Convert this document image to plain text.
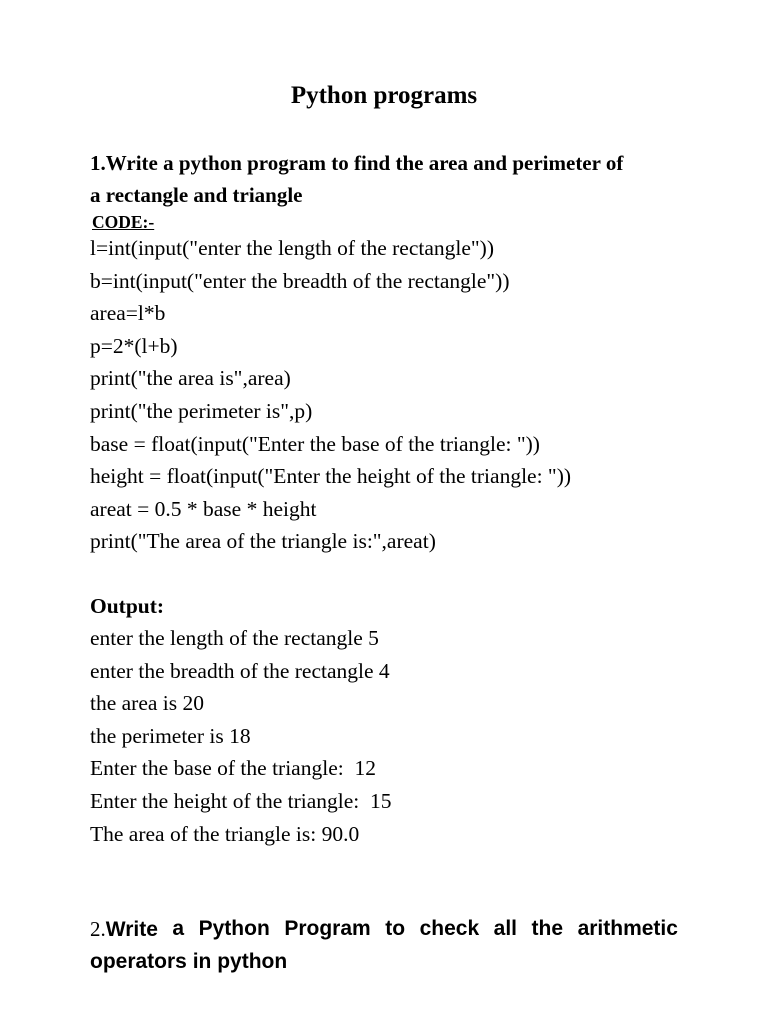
Python programs
1.Write a python program to find the area and perimeter of
a rectangle and triangle
CODE:-
l=int(input("enter the length of the rectangle"))
b=int(input("enter the breadth of the rectangle"))
area=l*b
p=2*(l+b)
print("the area is",area)
print("the perimeter is",p)
base = float(input("Enter the base of the triangle: "))
height = float(input("Enter the height of the triangle: "))
areat = 0.5 * base * height
print("The area of the triangle is:",areat)
Output:
enter the length of the rectangle 5
enter the breadth of the rectangle 4
the area is 20
the perimeter is 18
Enter the base of the triangle:  12
Enter the height of the triangle:  15
The area of the triangle is: 90.0
2.Write a Python Program to check all the arithmetic
operators in python
